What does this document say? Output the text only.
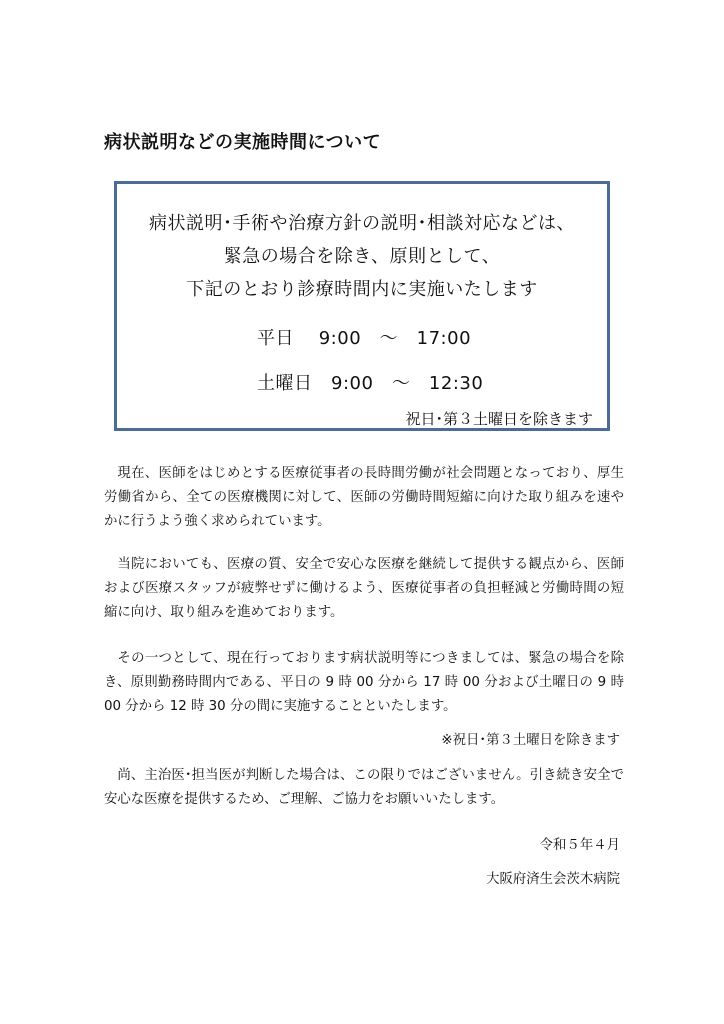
病状説明などの実施時間について
病状説明･手術や治療方針の説明･相談対応などは、
緊急の場合を除き、原則として、
下記のとおり診療時間内に実施いたします
平日　 9:00　～　17:00
土曜日　9:00　～　12:30
祝日･第３土曜日を除きます
現在、医師をはじめとする医療従事者の長時間労働が社会問題となっており、厚生労働省から、全ての医療機関に対して、医師の労働時間短縮に向けた取り組みを速やかに行うよう強く求められています。
当院においても、医療の質、安全で安心な医療を継続して提供する観点から、医師および医療スタッフが疲弊せずに働けるよう、医療従事者の負担軽減と労働時間の短縮に向け、取り組みを進めております。
その一つとして、現在行っております病状説明等につきましては、緊急の場合を除き、原則勤務時間内である、平日の 9 時 00 分から 17 時 00 分および土曜日の 9 時 00 分から 12 時 30 分の間に実施することといたします。
※祝日･第３土曜日を除きます
尚、主治医･担当医が判断した場合は、この限りではございません。引き続き安全で安心な医療を提供するため、ご理解、ご協力をお願いいたします。
令和５年４月
大阪府済生会茨木病院
